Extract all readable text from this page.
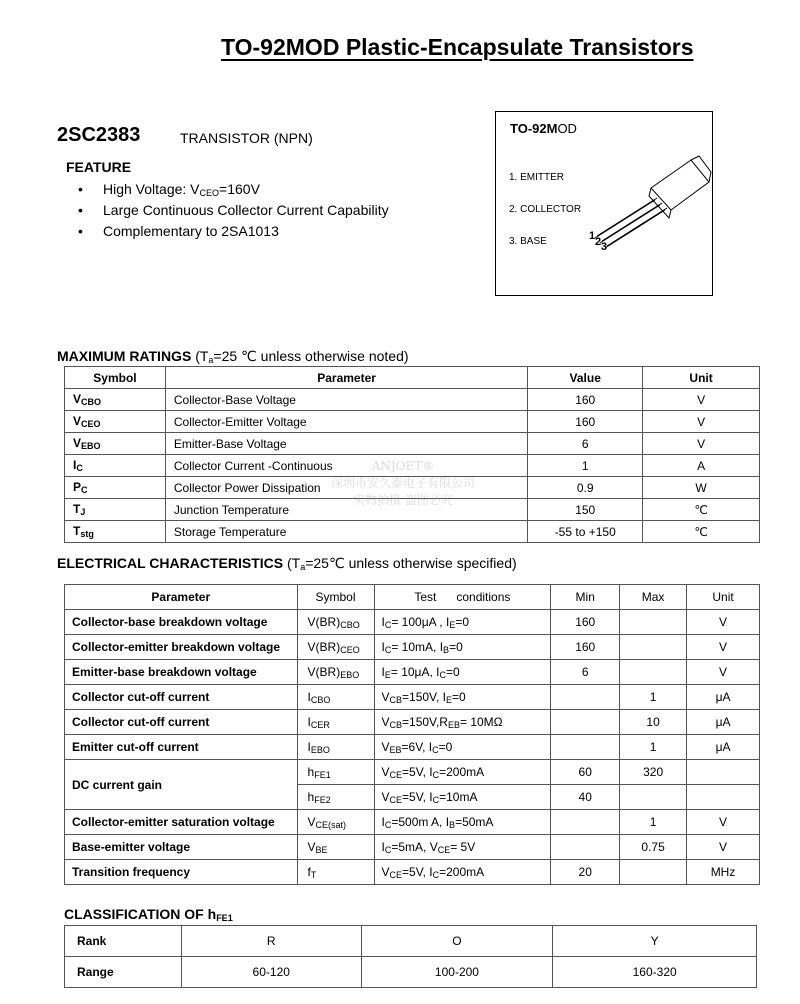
TO-92MOD Plastic-Encapsulate Transistors
2SC2383	TRANSISTOR (NPN)
FEATURE
• High Voltage: $V_{CEO}=160V$
• Large Continuous Collector Current Capability
• Complementary to 2SA1013
TO-92MOD
1. EMITTER
2. COLLECTOR
3. BASE	1 2 3
MAXIMUM RATINGS ($T_a=25$ ℃ unless otherwise noted)
Symbol	Parameter	Value	Unit
$V_{CBO}$	Collector-Base Voltage	160	V
$V_{CEO}$	Collector-Emitter Voltage	160	V
$V_{EBO}$	Emitter-Base Voltage	6	V
$I_C$	Collector Current -Continuous	1	A
$P_C$	Collector Power Dissipation	0.9	W
$T_J$	Junction Temperature	150	℃
$T_{stg}$	Storage Temperature	-55 to +150	℃
ANJOET®
深圳市安久泰电子有限公司
实物拍摄 盗图必究
ELECTRICAL CHARACTERISTICS ($T_a=25℃$ unless otherwise specified)
Parameter	Symbol	Test      conditions	Min	Max	Unit
Collector-base breakdown voltage	$V(BR)_{CBO}$	$I_C= 100\mu A$ , $I_E=0$	160		V
Collector-emitter breakdown voltage	$V(BR)_{CEO}$	$I_C= 10mA$, $I_B=0$	160		V
Emitter-base breakdown voltage	$V(BR)_{EBO}$	$I_E= 10\mu A$, $I_C=0$	6		V
Collector cut-off current	$I_{CBO}$	$V_{CB}=150V$, $I_E=0$		1	μA
Collector cut-off current	$I_{CER}$	$V_{CB}=150V,R_{EB}= 10M\Omega$		10	μA
Emitter cut-off current	$I_{EBO}$	$V_{EB}=6V$, $I_C=0$		1	μA
DC current gain	$h_{FE1}$	$V_{CE}=5V$, $I_C=200mA$	60	320	
	$h_{FE2}$	$V_{CE}=5V$, $I_C=10mA$	40		
Collector-emitter saturation voltage	$V_{CE(sat)}$	$I_C=500m$ A, $I_B=50mA$		1	V
Base-emitter voltage	$V_{BE}$	$I_C=5mA$, $V_{CE}= 5V$		0.75	V
Transition frequency	$f_T$	$V_{CE}=5V$, $I_C=200mA$	20		MHz
CLASSIFICATION OF $h_{FE1}$
Rank	R	O	Y
Range	60-120	100-200	160-320
